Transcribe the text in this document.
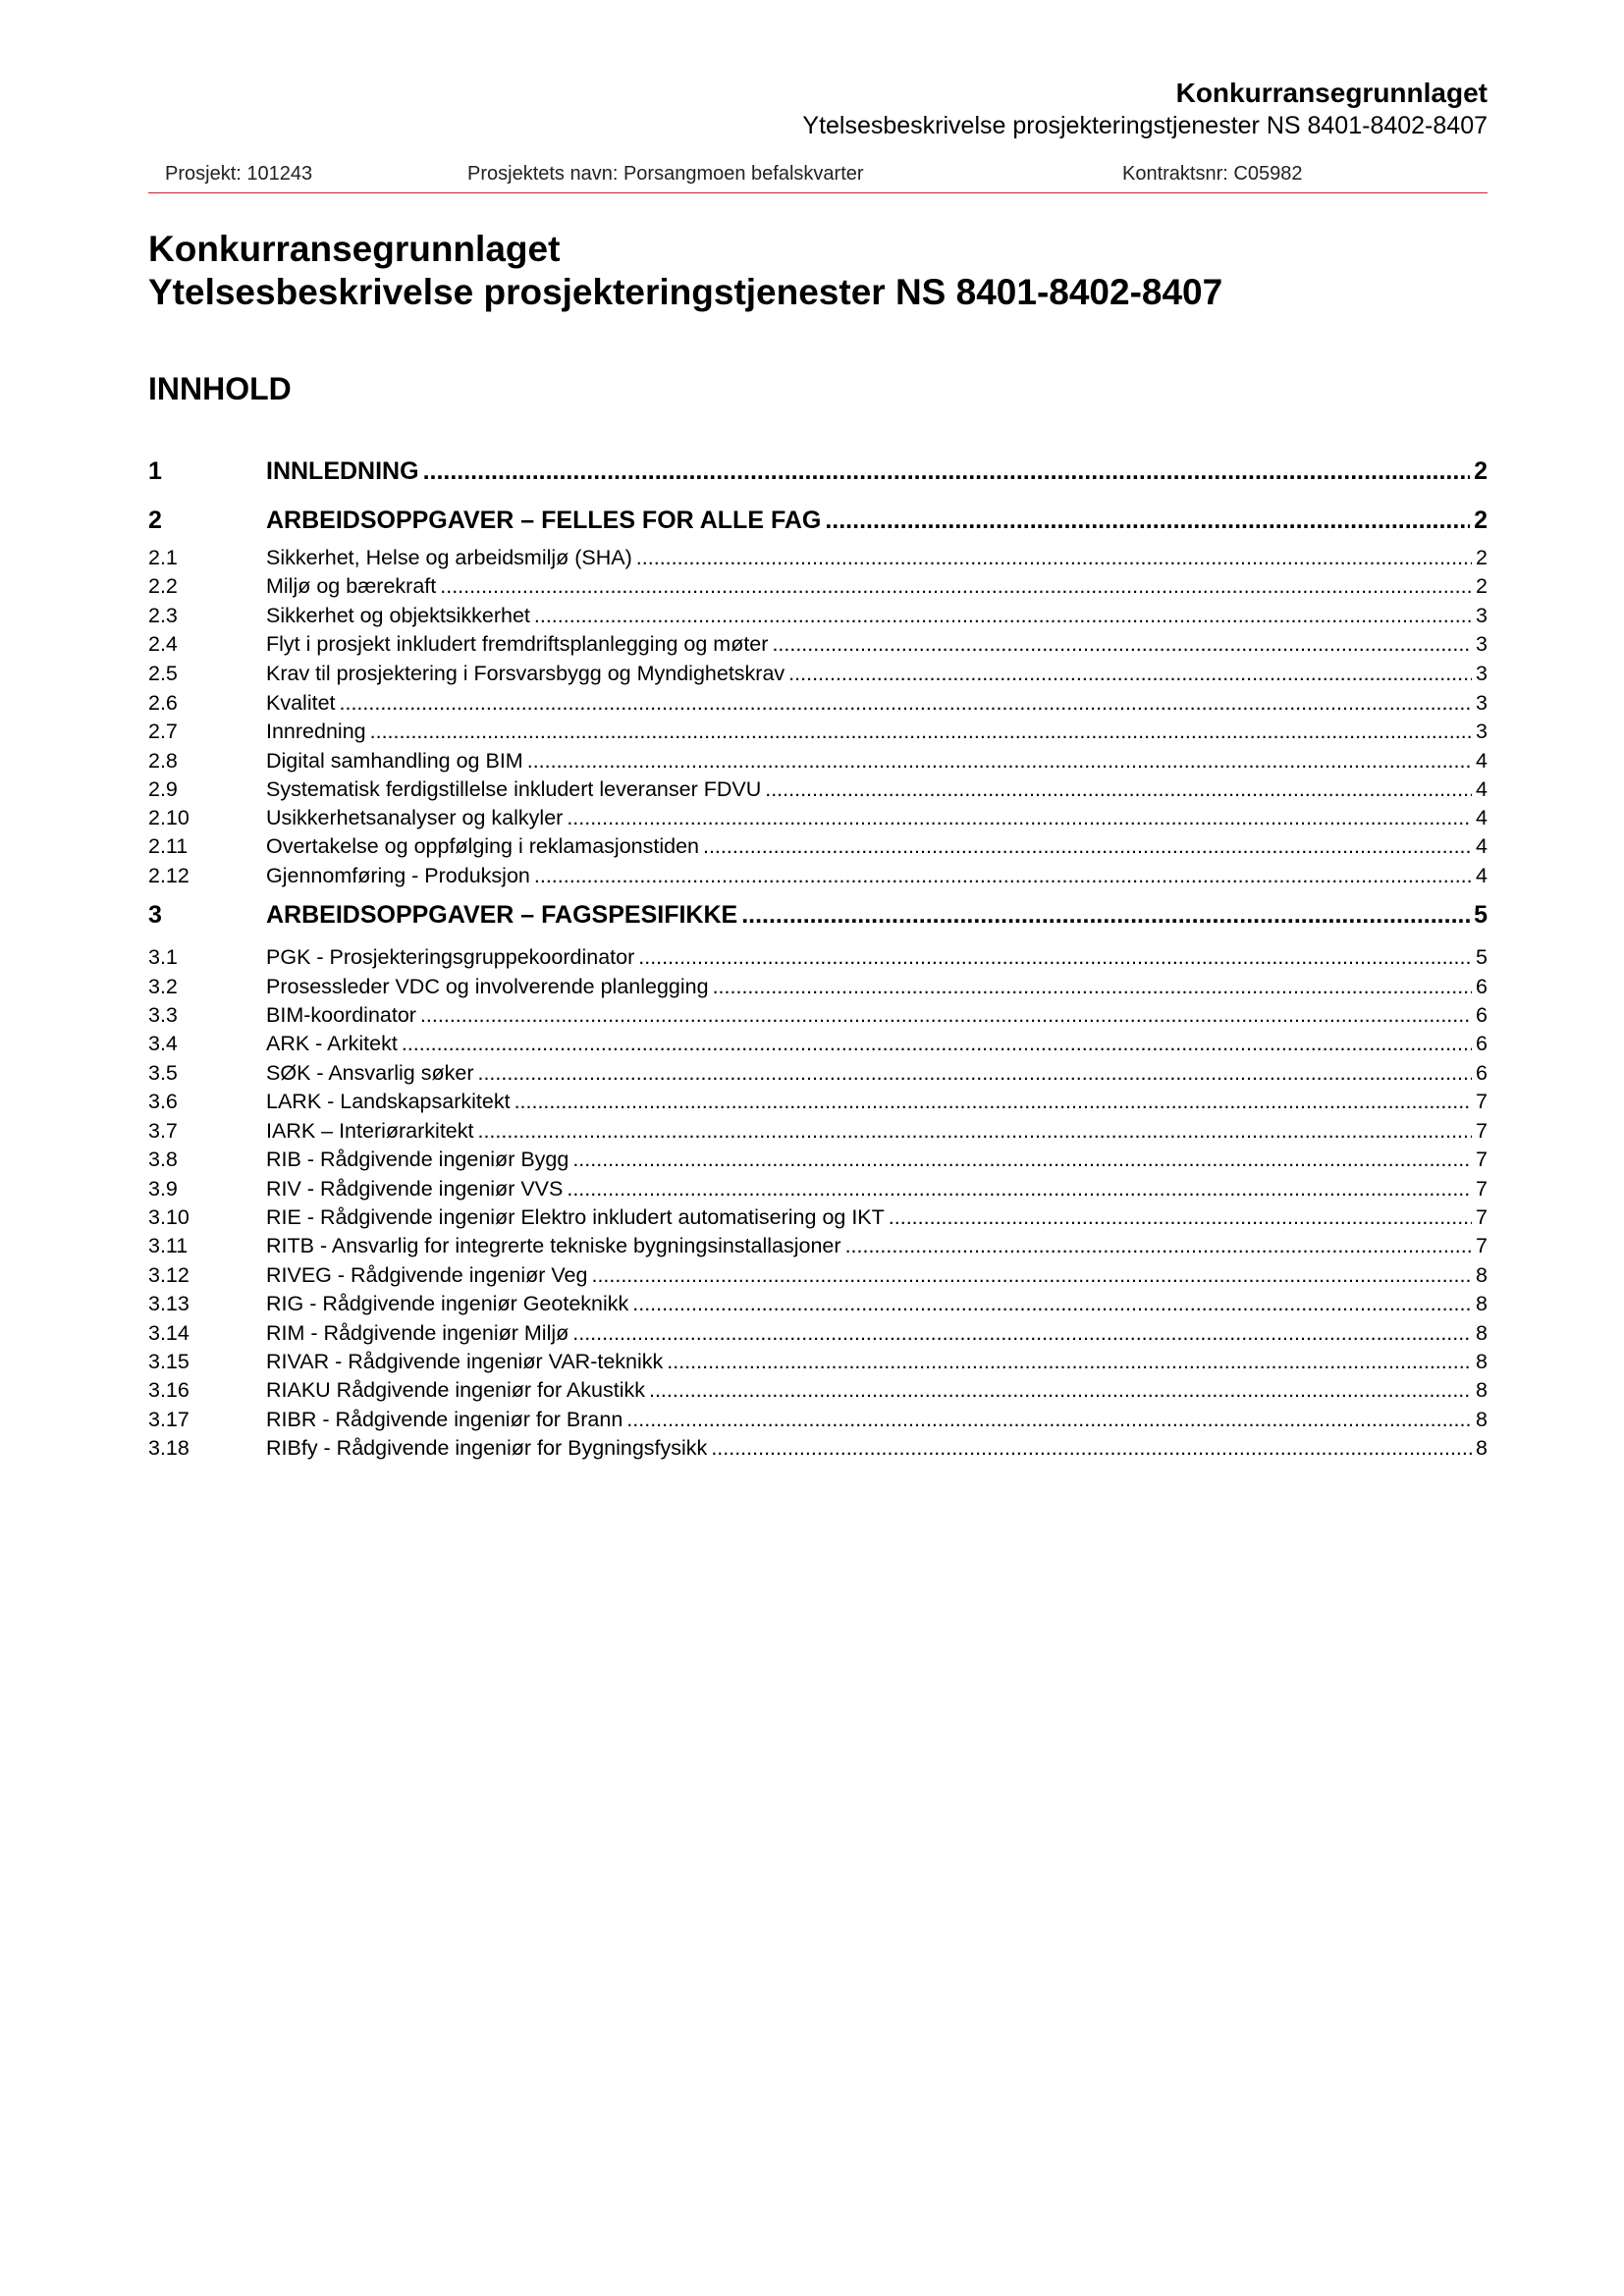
Konkurransegrunnlaget
Ytelsesbeskrivelse prosjekteringstjenester NS 8401-8402-8407
Prosjekt: 101243	Prosjektets navn: Porsangmoen befalskvarter	Kontraktsnr: C05982
Konkurransegrunnlaget
Ytelsesbeskrivelse prosjekteringstjenester NS 8401-8402-8407
INNHOLD
1	INNLEDNING .....	2
2	ARBEIDSOPPGAVER – FELLES FOR ALLE FAG .....	2
2.1	Sikkerhet, Helse og arbeidsmiljø (SHA) .....	2
2.2	Miljø og bærekraft .....	2
2.3	Sikkerhet og objektsikkerhet .....	3
2.4	Flyt i prosjekt inkludert fremdriftsplanlegging og møter .....	3
2.5	Krav til prosjektering i Forsvarsbygg og Myndighetskrav .....	3
2.6	Kvalitet .....	3
2.7	Innredning .....	3
2.8	Digital samhandling og BIM .....	4
2.9	Systematisk ferdigstillelse inkludert leveranser FDVU .....	4
2.10	Usikkerhetsanalyser og kalkyler .....	4
2.11	Overtakelse og oppfølging i reklamasjonstiden .....	4
2.12	Gjennomføring - Produksjon .....	4
3	ARBEIDSOPPGAVER – FAGSPESIFIKKE .....	5
3.1	PGK - Prosjekteringsgruppekoordinator .....	5
3.2	Prosessleder VDC og involverende planlegging .....	6
3.3	BIM-koordinator .....	6
3.4	ARK - Arkitekt .....	6
3.5	SØK - Ansvarlig søker .....	6
3.6	LARK - Landskapsarkitekt .....	7
3.7	IARK – Interiørarkitekt .....	7
3.8	RIB - Rådgivende ingeniør Bygg .....	7
3.9	RIV - Rådgivende ingeniør VVS .....	7
3.10	RIE - Rådgivende ingeniør Elektro inkludert automatisering og IKT .....	7
3.11	RITB - Ansvarlig for integrerte tekniske bygningsinstallasjoner .....	7
3.12	RIVEG - Rådgivende ingeniør Veg .....	8
3.13	RIG - Rådgivende ingeniør Geoteknikk .....	8
3.14	RIM - Rådgivende ingeniør Miljø .....	8
3.15	RIVAR - Rådgivende ingeniør VAR-teknikk .....	8
3.16	RIAKU Rådgivende ingeniør for Akustikk .....	8
3.17	RIBR - Rådgivende ingeniør for Brann .....	8
3.18	RIBfy - Rådgivende ingeniør for Bygningsfysikk .....	8
